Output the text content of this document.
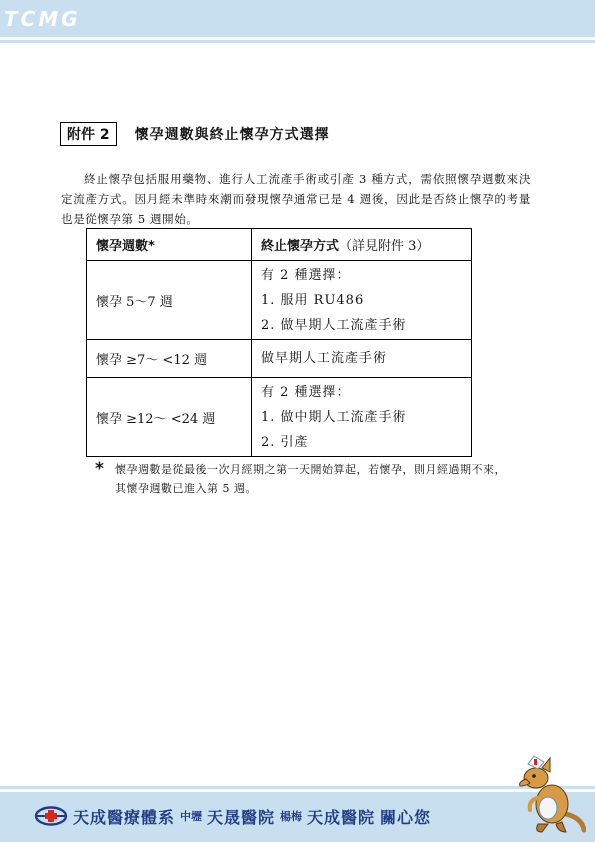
TCMG
附件 2	懷孕週數與終止懷孕方式選擇

終止懷孕包括服用藥物、進行人工流產手術或引產 3 種方式，需依照懷孕週數來決定流產方式。因月經未準時來潮而發現懷孕通常已是 4 週後，因此是否終止懷孕的考量也是從懷孕第 5 週開始。

懷孕週數*	終止懷孕方式（詳見附件 3）
懷孕 5～7 週	有 2 種選擇：
1. 服用 RU486
2. 做早期人工流產手術

懷孕 ≥7～ <12 週	做早期人工流產手術

懷孕 ≥12～ <24 週	有 2 種選擇：
1. 做中期人工流產手術
2. 引產
* 懷孕週數是從最後一次月經期之第一天開始算起，若懷孕，則月經過期不來，其懷孕週數已進入第 5 週。
天成醫療體系 中壢 天晟醫院 楊梅 天成醫院 關心您
